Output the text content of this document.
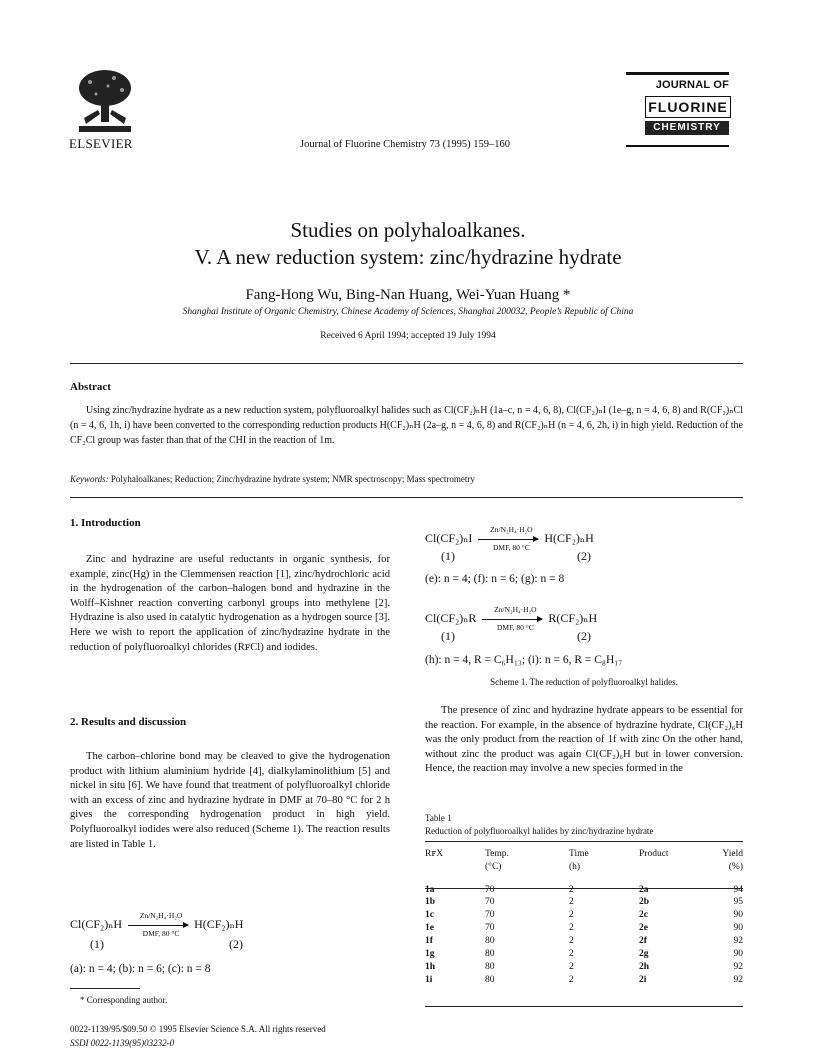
ELSEVIER	Journal of Fluorine Chemistry 73 (1995) 159–160
JOURNAL OF
FLUORINE
CHEMISTRY
Studies on polyhaloalkanes.
V. A new reduction system: zinc/hydrazine hydrate
Fang-Hong Wu, Bing-Nan Huang, Wei-Yuan Huang *
Shanghai Institute of Organic Chemistry, Chinese Academy of Sciences, Shanghai 200032, People’s Republic of China
Received 6 April 1994; accepted 19 July 1994
Abstract
Using zinc/hydrazine hydrate as a new reduction system, polyfluoroalkyl halides such as Cl(CF₂)ₙH (1a–c, n = 4, 6, 8), Cl(CF₂)ₙI (1e–g, n = 4, 6, 8) and R(CF₂)ₙCl (n = 4, 6, 1h, i) have been converted to the corresponding reduction products H(CF₂)ₙH (2a–g, n = 4, 6, 8) and R(CF₂)ₙH (n = 4, 6, 2h, i) in high yield. Reduction of the CF₂Cl group was faster than that of the CHI in the reaction of 1m.
Keywords: Polyhaloalkanes; Reduction; Zinc/hydrazine hydrate system; NMR spectroscopy; Mass spectrometry
1. Introduction
Zinc and hydrazine are useful reductants in organic synthesis, for example, zinc(Hg) in the Clemmensen reaction [1], zinc/hydrochloric acid in the hydrogenation of the carbon–halogen bond and hydrazine in the Wolff–Kishner reaction converting carbonyl groups into methylene [2]. Hydrazine is also used in catalytic hydrogenation as a hydrogen source [3]. Here we wish to report the application of zinc/hydrazine hydrate in the reduction of polyfluoroalkyl chlorides (RꜰCl) and iodides.
2. Results and discussion
The carbon–chlorine bond may be cleaved to give the hydrogenation product with lithium aluminium hydride [4], dialkylaminolithium [5] and nickel in situ [6]. We have found that treatment of polyfluoroalkyl chloride with an excess of zinc and hydrazine hydrate in DMF at 70–80 °C for 2 h gives the corresponding hydrogenation product in high yield. Polyfluoroalkyl iodides were also reduced (Scheme 1). The reaction results are listed in Table 1.
Cl(CF₂)ₙH
Zn/N₂H₄·H₂O
DMF, 80 °C
H(CF₂)ₙH
(1)	(2)
(a): n = 4; (b): n = 6; (c): n = 8
* Corresponding author.
0022-1139/95/$09.50 © 1995 Elsevier Science S.A. All rights reserved
SSDI 0022-1139(95)03232-0
Cl(CF₂)ₙI
Zn/N₂H₄·H₂O
DMF, 80 °C
H(CF₂)ₙH
(1)	(2)
(e): n = 4; (f): n = 6; (g): n = 8
Cl(CF₂)ₙR
Zn/N₂H₄·H₂O
DMF, 80 °C
R(CF₂)ₙH
(1)	(2)
(h): n = 4, R = C₆H₁₃; (i): n = 6, R = C₈H₁₇
Scheme 1. The reduction of polyfluoroalkyl halides.
The presence of zinc and hydrazine hydrate appears to be essential for the reaction. For example, in the absence of hydrazine hydrate, Cl(CF₂)₆H was the only product from the reaction of 1f with zinc On the other hand, without zinc the product was again Cl(CF₂)₆H but in lower conversion. Hence, the reaction may involve a new species formed in the
Table 1
Reduction of polyfluoroalkyl halides by zinc/hydrazine hydrate
RꜰX	Temp.	Time	Product	Yield
	(°C)	(h)		(%)
1a	70	2	2a	94
1b	70	2	2b	95
1c	70	2	2c	90
1e	70	2	2e	90
1f	80	2	2f	92
1g	80	2	2g	90
1h	80	2	2h	92
1i	80	2	2i	92
